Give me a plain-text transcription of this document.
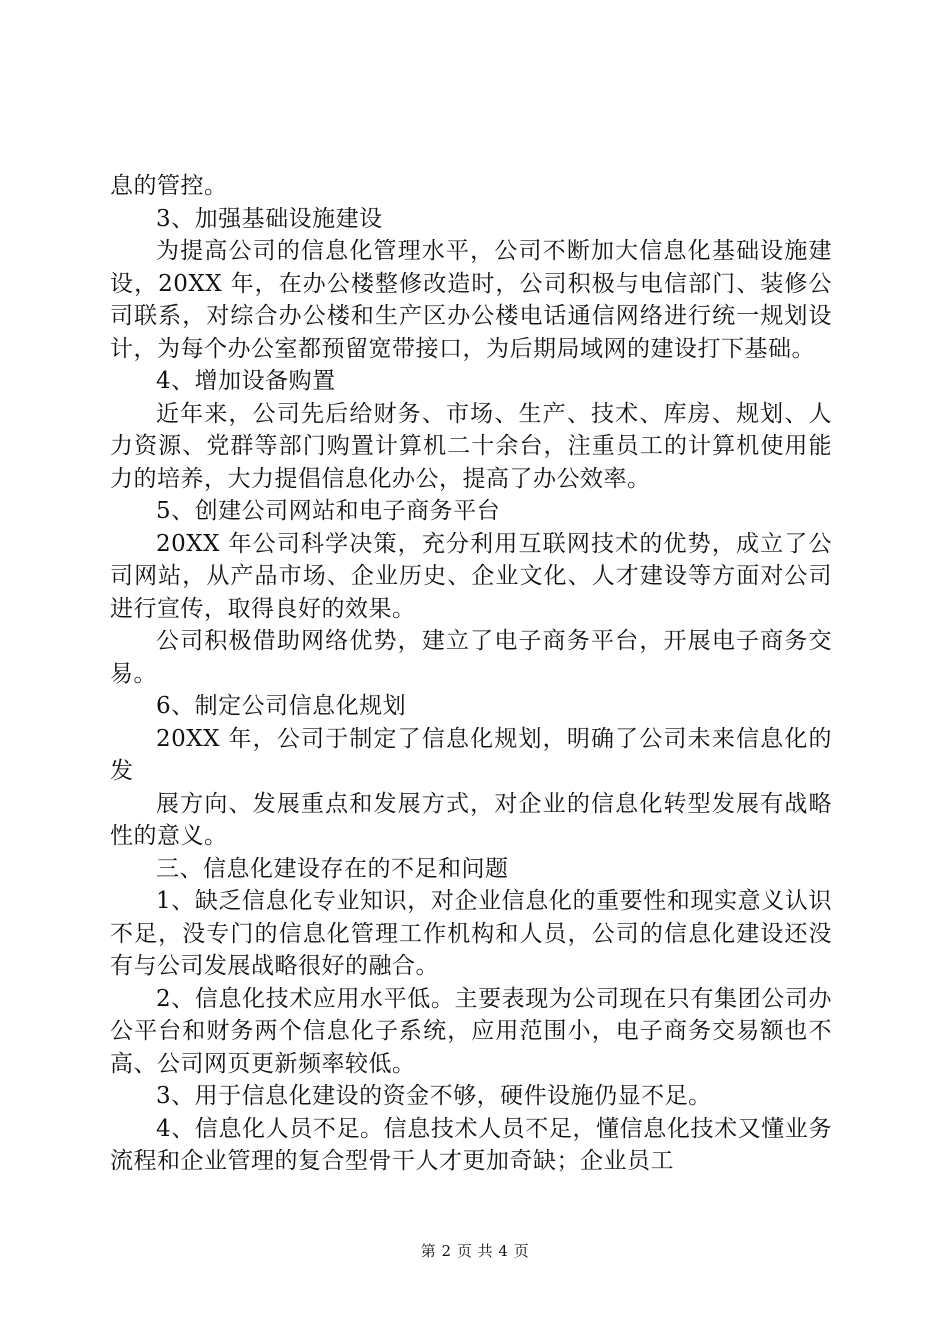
息的管控。

3、加强基础设施建设

为提高公司的信息化管理水平，公司不断加大信息化基础设施建设，20XX 年，在办公楼整修改造时，公司积极与电信部门、装修公司联系，对综合办公楼和生产区办公楼电话通信网络进行统一规划设计，为每个办公室都预留宽带接口，为后期局域网的建设打下基础。

4、增加设备购置

近年来，公司先后给财务、市场、生产、技术、库房、规划、人力资源、党群等部门购置计算机二十余台，注重员工的计算机使用能力的培养，大力提倡信息化办公，提高了办公效率。

5、创建公司网站和电子商务平台

20XX 年公司科学决策，充分利用互联网技术的优势，成立了公司网站，从产品市场、企业历史、企业文化、人才建设等方面对公司进行宣传，取得良好的效果。

公司积极借助网络优势，建立了电子商务平台，开展电子商务交易。

6、制定公司信息化规划

20XX 年，公司于制定了信息化规划，明确了公司未来信息化的发

展方向、发展重点和发展方式，对企业的信息化转型发展有战略性的意义。

三、信息化建设存在的不足和问题

1、缺乏信息化专业知识，对企业信息化的重要性和现实意义认识不足，没专门的信息化管理工作机构和人员，公司的信息化建设还没有与公司发展战略很好的融合。

2、信息化技术应用水平低。主要表现为公司现在只有集团公司办公平台和财务两个信息化子系统，应用范围小，电子商务交易额也不高、公司网页更新频率较低。

3、用于信息化建设的资金不够，硬件设施仍显不足。

4、信息化人员不足。信息技术人员不足，懂信息化技术又懂业务流程和企业管理的复合型骨干人才更加奇缺；企业员工

第 2 页 共 4 页
